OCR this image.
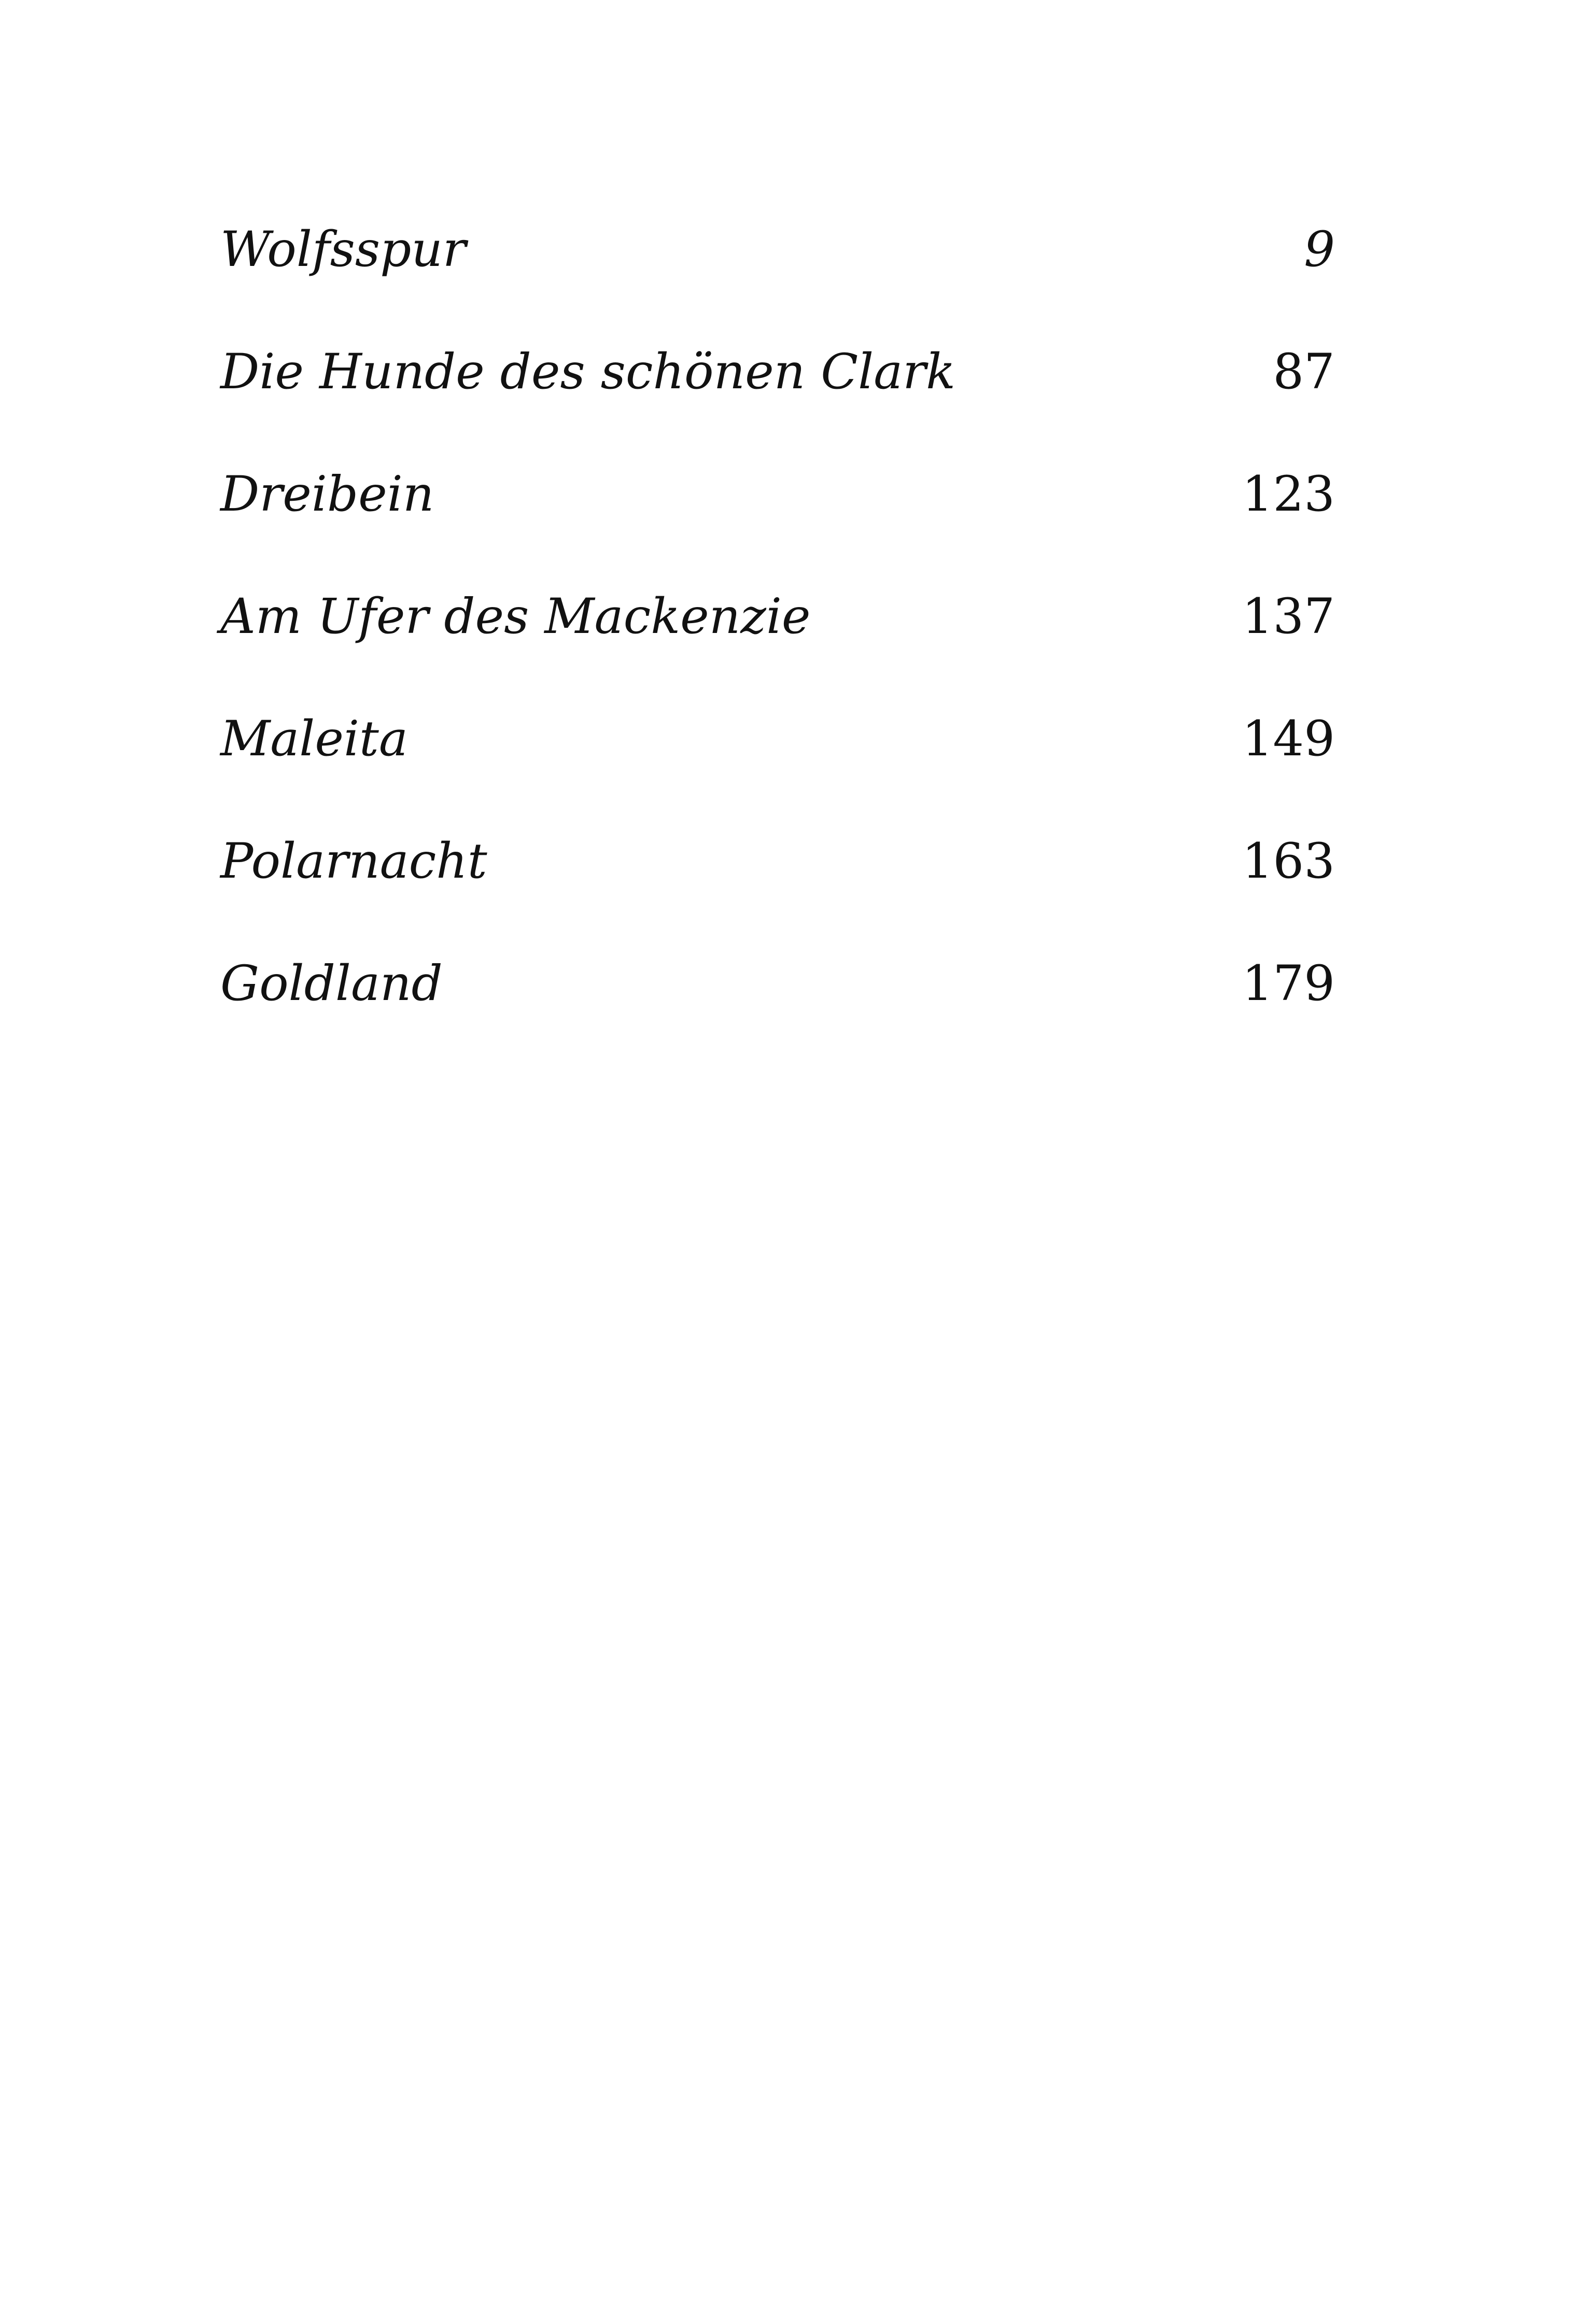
Wolfsspur	9
Die Hunde des schönen Clark	87
Dreibein	123
Am Ufer des Mackenzie	137
Maleita	149
Polarnacht	163
Goldland	179
